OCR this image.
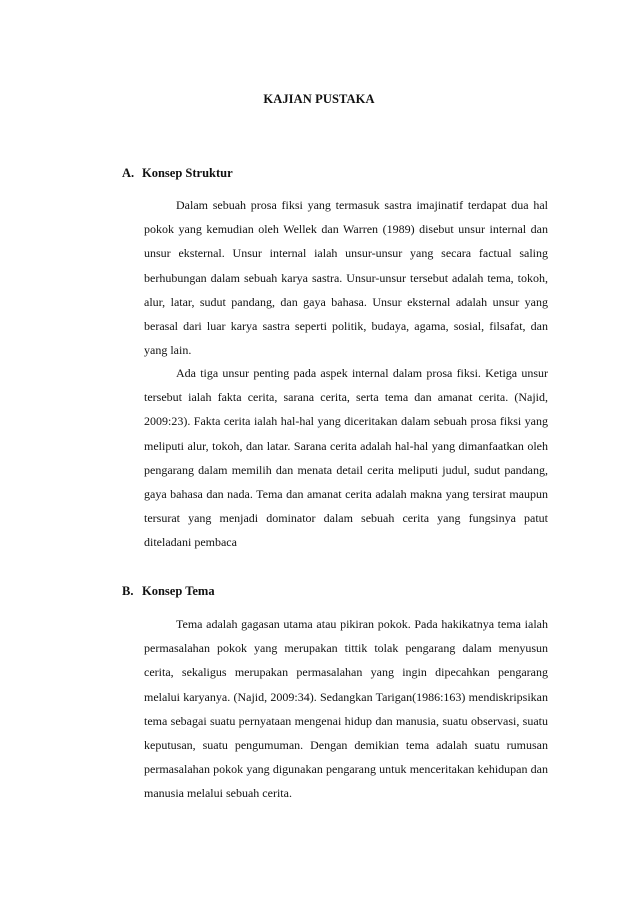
KAJIAN PUSTAKA
A. Konsep Struktur

Dalam sebuah prosa fiksi yang termasuk sastra imajinatif terdapat dua hal pokok yang kemudian oleh Wellek dan Warren (1989) disebut unsur internal dan unsur eksternal. Unsur internal ialah unsur-unsur yang secara factual saling berhubungan dalam sebuah karya sastra. Unsur-unsur tersebut adalah tema, tokoh, alur, latar, sudut pandang, dan gaya bahasa. Unsur eksternal adalah unsur yang berasal dari luar karya sastra seperti politik, budaya, agama, sosial, filsafat, dan yang lain.

Ada tiga unsur penting pada aspek internal dalam prosa fiksi. Ketiga unsur tersebut ialah fakta cerita, sarana cerita, serta tema dan amanat cerita. (Najid, 2009:23). Fakta cerita ialah hal-hal yang diceritakan dalam sebuah prosa fiksi yang meliputi alur, tokoh, dan latar. Sarana cerita adalah hal-hal yang dimanfaatkan oleh pengarang dalam memilih dan menata detail cerita meliputi judul, sudut pandang, gaya bahasa dan nada. Tema dan amanat cerita adalah makna yang tersirat maupun tersurat yang menjadi dominator dalam sebuah cerita yang fungsinya patut diteladani pembaca

B. Konsep Tema

Tema adalah gagasan utama atau pikiran pokok. Pada hakikatnya tema ialah permasalahan pokok yang merupakan tittik tolak pengarang dalam menyusun cerita, sekaligus merupakan permasalahan yang ingin dipecahkan pengarang melalui karyanya. (Najid, 2009:34). Sedangkan Tarigan(1986:163) mendiskripsikan tema sebagai suatu pernyataan mengenai hidup dan manusia, suatu observasi, suatu keputusan, suatu pengumuman. Dengan demikian tema adalah suatu rumusan permasalahan pokok yang digunakan pengarang untuk menceritakan kehidupan dan manusia melalui sebuah cerita.
